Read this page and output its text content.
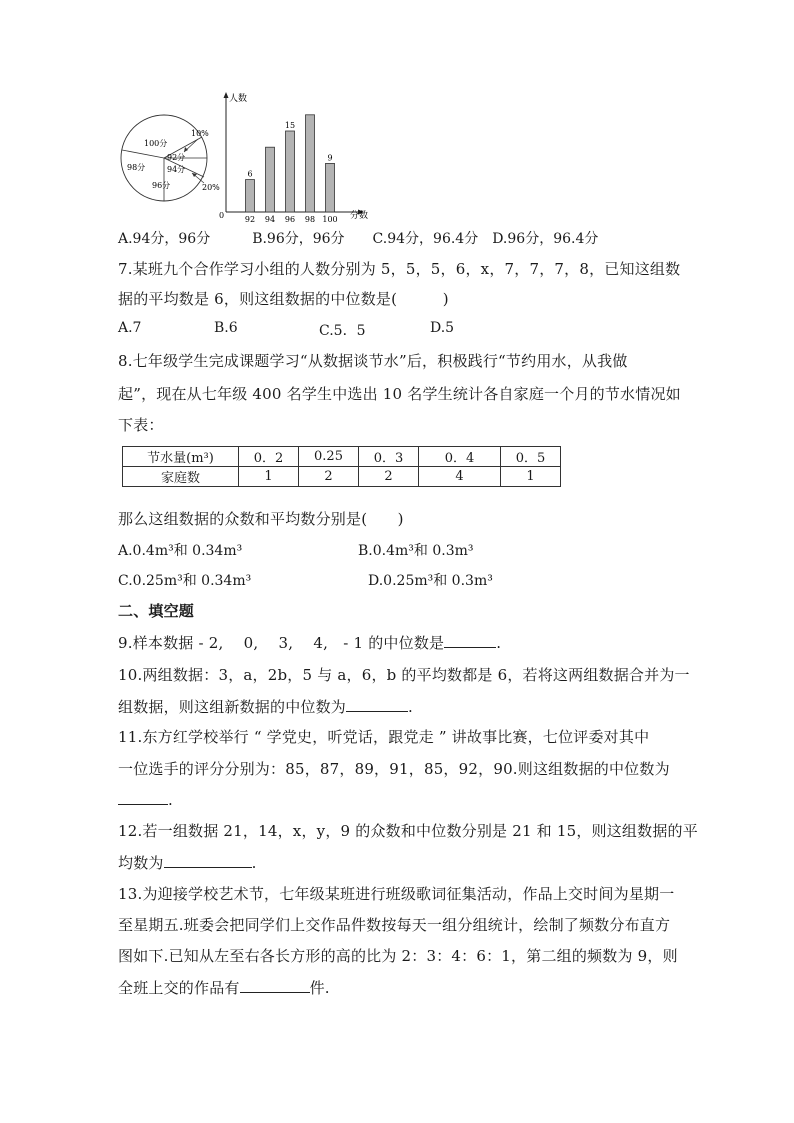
100分
92分
94分
96分
98分
10%
20%
人数
分数
0	92
6
94 96
15
98 100
9
A.94分，96分　　　B.96分，96分　　C.94分，96.4分　D.96分，96.4分
7.某班九个合作学习小组的人数分别为 5，5，5，6，x，7，7，7，8，已知这组数
据的平均数是 6，则这组数据的中位数是(　　　)
A.7	B.6	C.5．5	D.5
8.七年级学生完成课题学习“从数据谈节水”后，积极践行“节约用水，从我做
起”，现在从七年级 400 名学生中选出 10 名学生统计各自家庭一个月的节水情况如
下表：
节水量(m³)	0．2	0.25	0．3	0．4	0．5
家庭数	1	2	2	4	1
那么这组数据的众数和平均数分别是(　　)
A.0.4m³和 0.34m³	B.0.4m³和 0.3m³
C.0.25m³和 0.34m³	D.0.25m³和 0.3m³
二、填空题
9.样本数据 - 2,　 0,　 3,　 4,　- 1 的中位数是	.
10.两组数据：3，a，2b，5 与 a，6，b 的平均数都是 6，若将这两组数据合并为一
组数据，则这组新数据的中位数为	.
11.东方红学校举行 “ 学党史，听党话，跟党走 ” 讲故事比赛，七位评委对其中
一位选手的评分分别为：85，87，89，91，85，92，90.则这组数据的中位数为
.
12.若一组数据 21，14，x，y，9 的众数和中位数分别是 21 和 15，则这组数据的平
均数为	.
13.为迎接学校艺术节，七年级某班进行班级歌词征集活动，作品上交时间为星期一
至星期五.班委会把同学们上交作品件数按每天一组分组统计，绘制了频数分布直方
图如下.已知从左至右各长方形的高的比为 2：3：4：6：1，第二组的频数为 9，则
全班上交的作品有	件.
